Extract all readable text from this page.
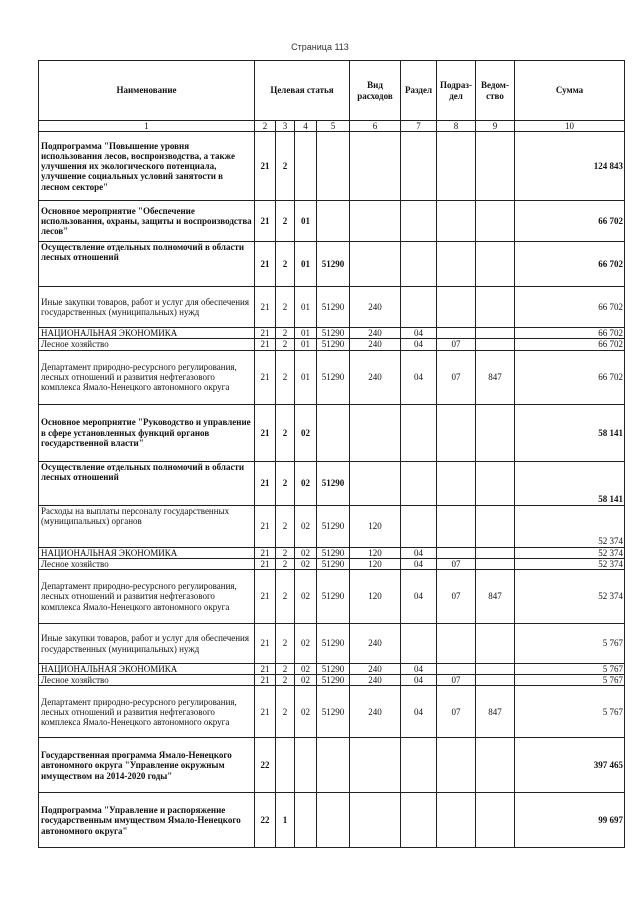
Страница 113
Наименование	Целевая статья				Вид расходов	Раздел	Подраз-дел	Ведом-ство	Сумма
1	2	3	4	5	6	7	8	9	10
Подпрограмма "Повышение уровня использования лесов, воспроизводства, а также улучшения их экологического потенциала, улучшение социальных условий занятости в лесном секторе"	21	2							124 843
Основное мероприятие "Обеспечение использования, охраны, защиты и воспроизводства лесов"	21	2	01						66 702
Осуществление отдельных полномочий в области лесных отношений	21	2	01	51290					66 702
Иные закупки товаров, работ и услуг для обеспечения государственных (муниципальных) нужд	21	2	01	51290	240				66 702
НАЦИОНАЛЬНАЯ ЭКОНОМИКА	21	2	01	51290	240	04			66 702
Лесное хозяйство	21	2	01	51290	240	04	07		66 702
Департамент природно-ресурсного регулирования, лесных отношений и развития нефтегазового комплекса Ямало-Ненецкого автономного округа	21	2	01	51290	240	04	07	847	66 702
Основное мероприятие "Руководство и управление в сфере установленных функций органов государственной власти"	21	2	02						58 141
Осуществление отдельных полномочий в области лесных отношений	21	2	02	51290					58 141
Расходы на выплаты персоналу государственных (муниципальных) органов	21	2	02	51290	120				52 374
НАЦИОНАЛЬНАЯ ЭКОНОМИКА	21	2	02	51290	120	04			52 374
Лесное хозяйство	21	2	02	51290	120	04	07		52 374
Департамент природно-ресурсного регулирования, лесных отношений и развития нефтегазового комплекса Ямало-Ненецкого автономного округа	21	2	02	51290	120	04	07	847	52 374
Иные закупки товаров, работ и услуг для обеспечения государственных (муниципальных) нужд	21	2	02	51290	240				5 767
НАЦИОНАЛЬНАЯ ЭКОНОМИКА	21	2	02	51290	240	04			5 767
Лесное хозяйство	21	2	02	51290	240	04	07		5 767
Департамент природно-ресурсного регулирования, лесных отношений и развития нефтегазового комплекса Ямало-Ненецкого автономного округа	21	2	02	51290	240	04	07	847	5 767
Государственная программа Ямало-Ненецкого автономного округа "Управление окружным имуществом на 2014-2020 годы"	22								397 465
Подпрограмма "Управление и распоряжение государственным имуществом Ямало-Ненецкого автономного округа"	22	1							99 697
